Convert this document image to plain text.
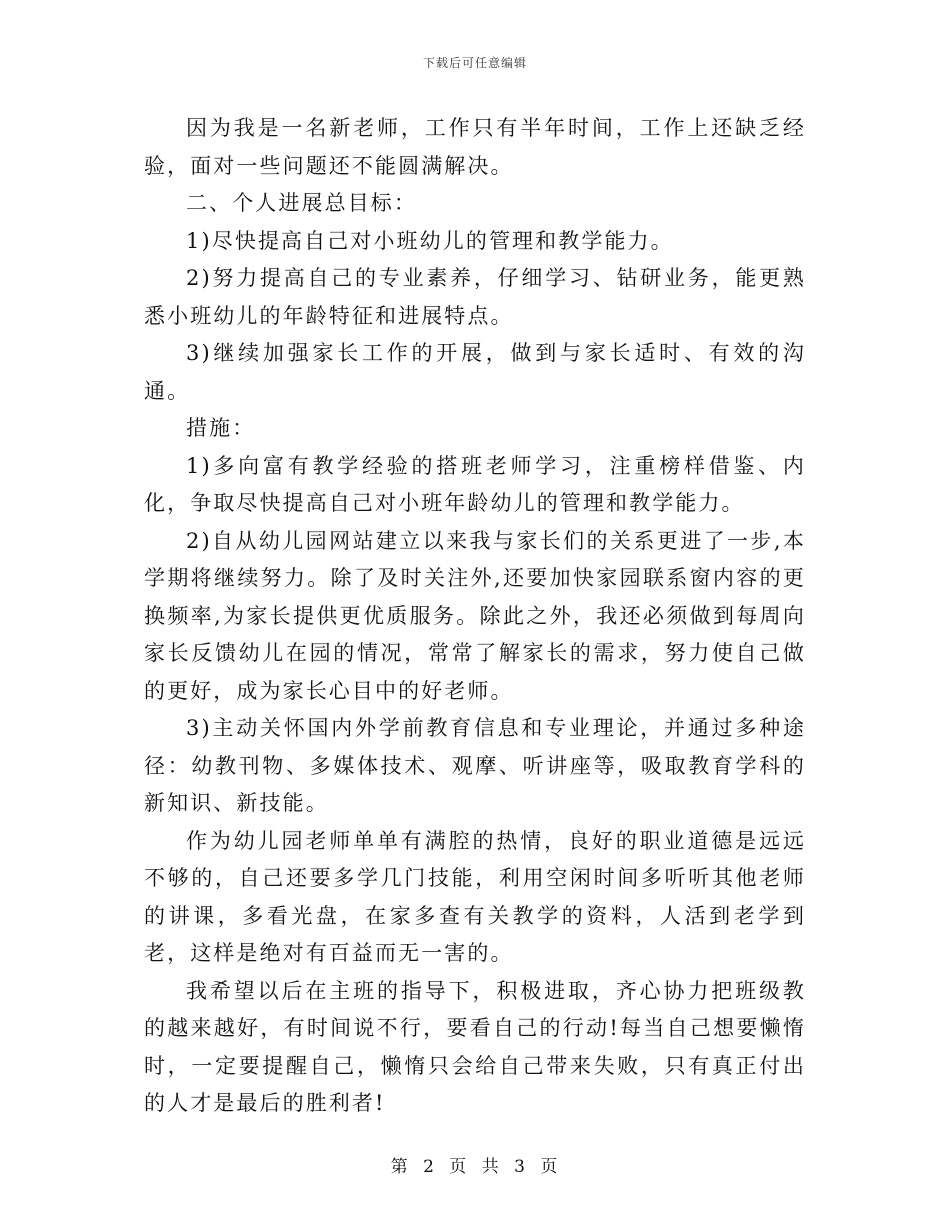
下载后可任意编辑

因为我是一名新老师，工作只有半年时间，工作上还缺乏经验，面对一些问题还不能圆满解决。

二、个人进展总目标：

1)尽快提高自己对小班幼儿的管理和教学能力。

2)努力提高自己的专业素养，仔细学习、钻研业务，能更熟悉小班幼儿的年龄特征和进展特点。

3)继续加强家长工作的开展，做到与家长适时、有效的沟通。

措施：

1)多向富有教学经验的搭班老师学习，注重榜样借鉴、内化，争取尽快提高自己对小班年龄幼儿的管理和教学能力。

2)自从幼儿园网站建立以来我与家长们的关系更进了一步,本学期将继续努力。除了及时关注外,还要加快家园联系窗内容的更换频率,为家长提供更优质服务。除此之外，我还必须做到每周向家长反馈幼儿在园的情况，常常了解家长的需求，努力使自己做的更好，成为家长心目中的好老师。

3)主动关怀国内外学前教育信息和专业理论，并通过多种途径：幼教刊物、多媒体技术、观摩、听讲座等，吸取教育学科的新知识、新技能。

作为幼儿园老师单单有满腔的热情，良好的职业道德是远远不够的，自己还要多学几门技能，利用空闲时间多听听其他老师的讲课，多看光盘，在家多查有关教学的资料，人活到老学到老，这样是绝对有百益而无一害的。

我希望以后在主班的指导下，积极进取，齐心协力把班级教的越来越好，有时间说不行，要看自己的行动!每当自己想要懒惰时，一定要提醒自己，懒惰只会给自己带来失败，只有真正付出的人才是最后的胜利者!

第 2 页 共 3 页
